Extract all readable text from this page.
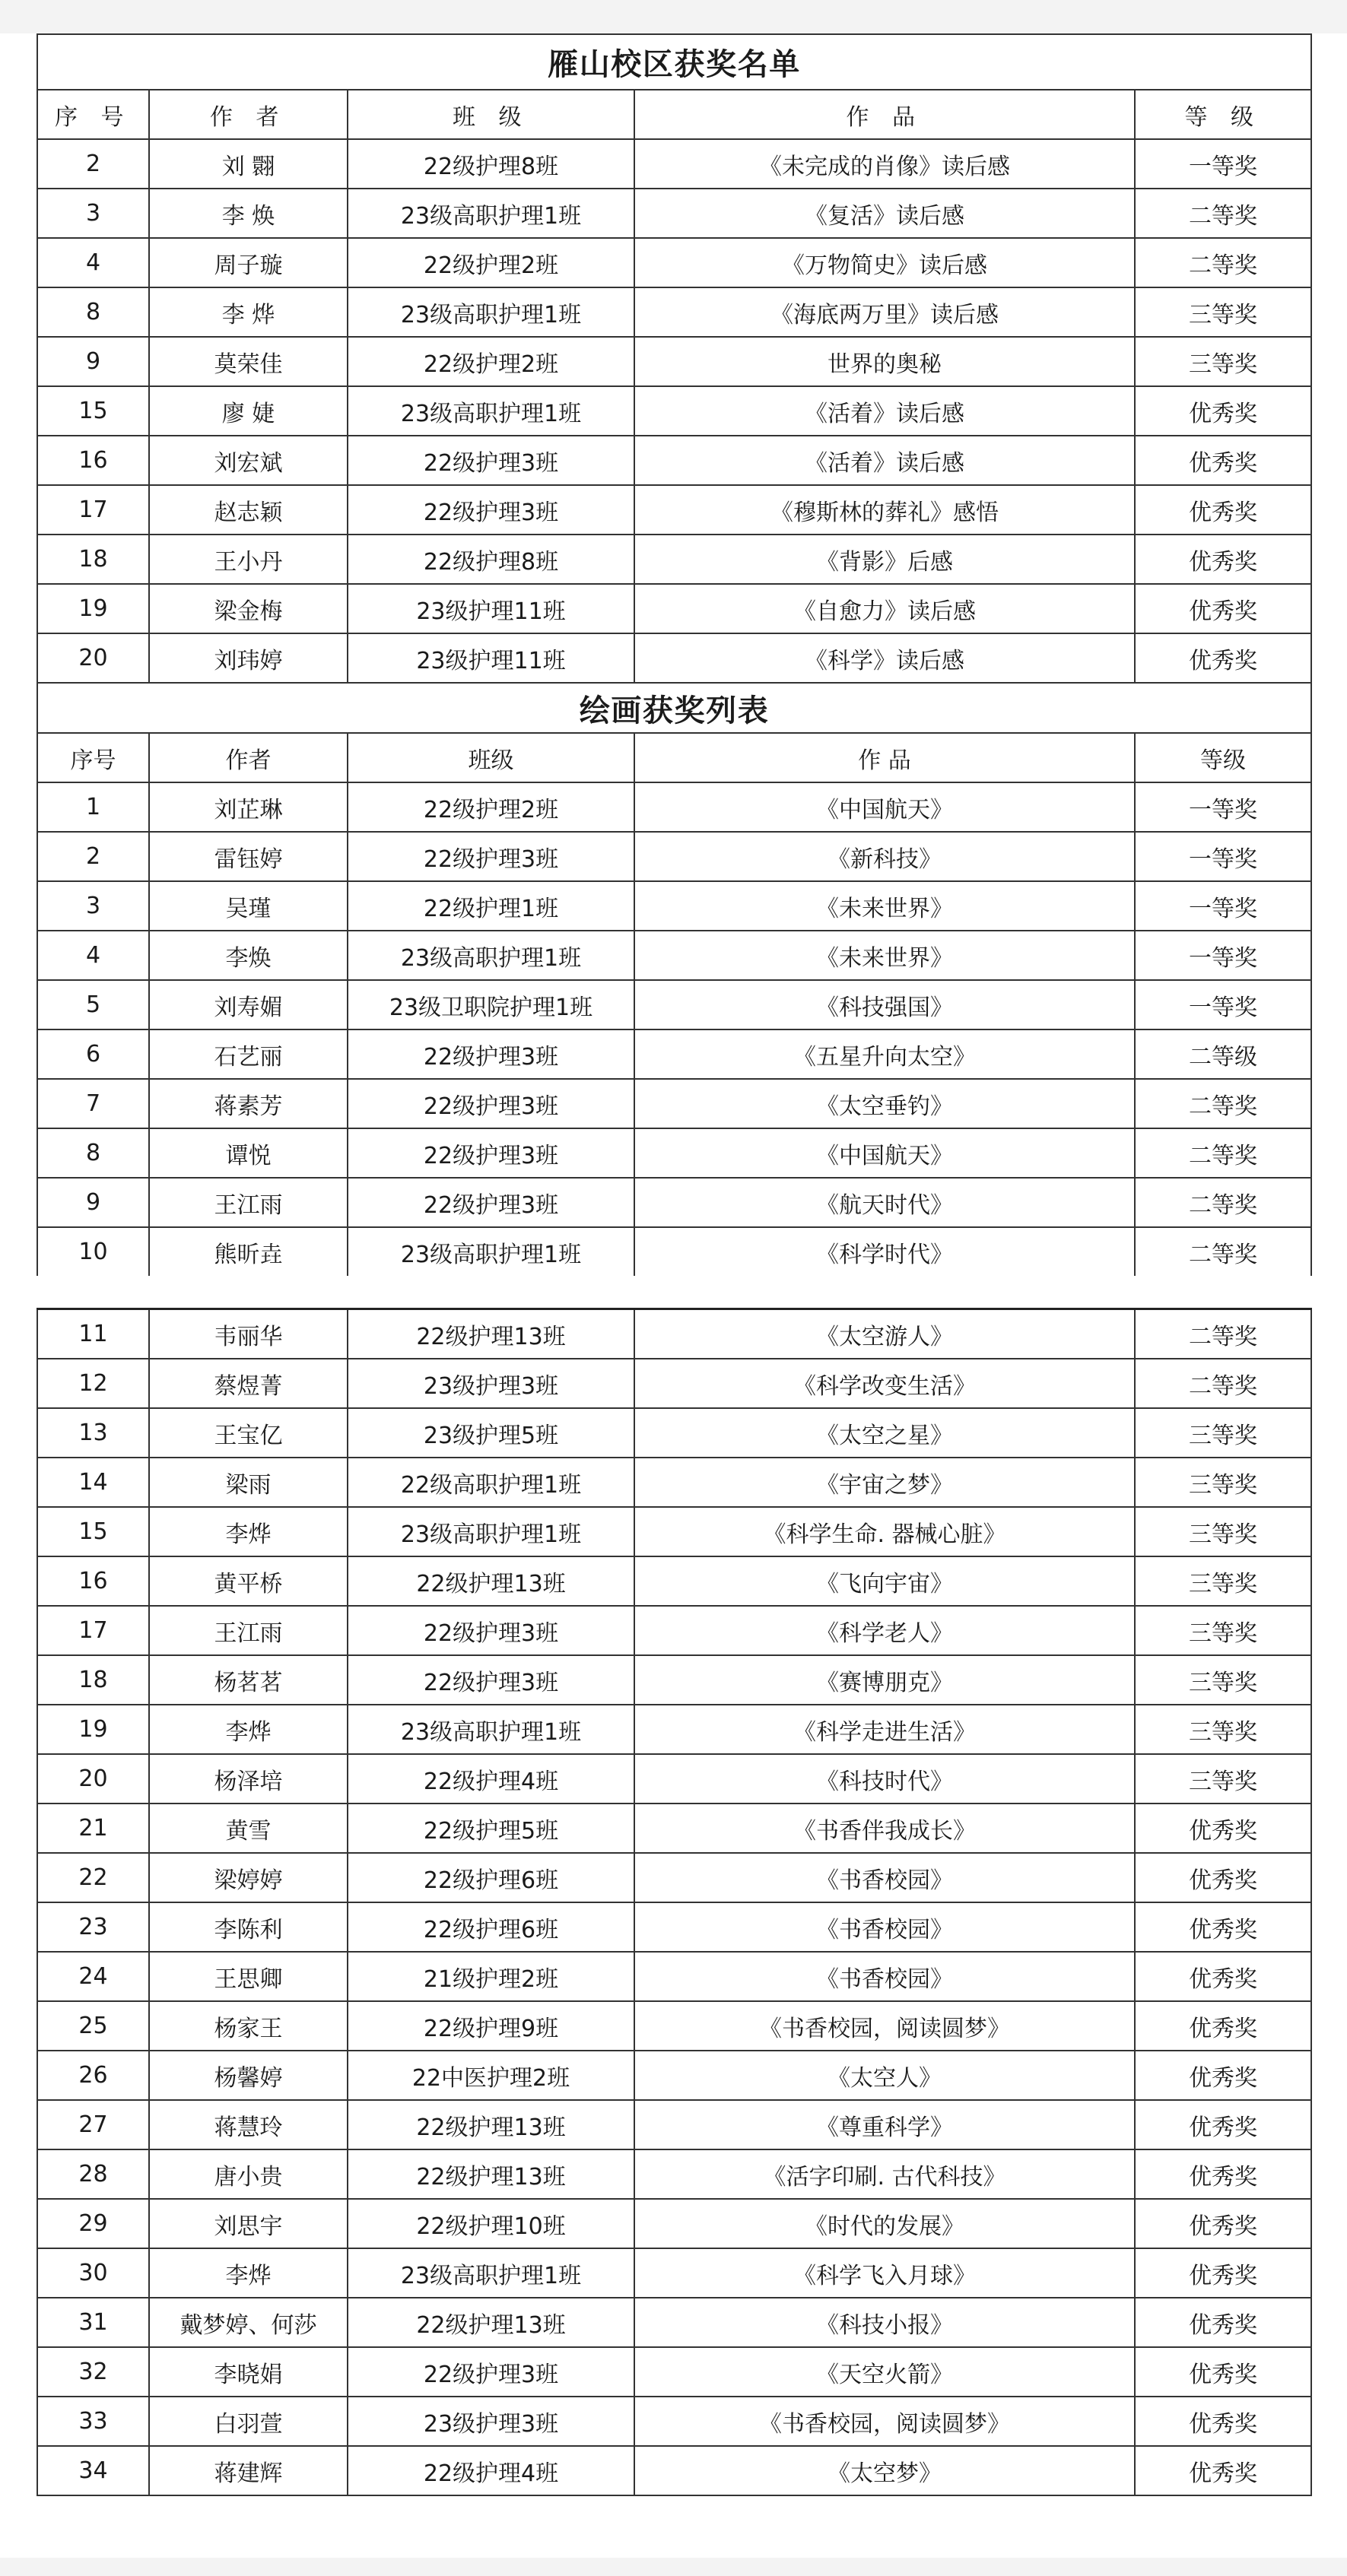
雁山校区获奖名单				
序 号	作 者	班 级	作 品	等 级
2	刘 翾	22级护理8班	《未完成的肖像》读后感	一等奖
3	李 焕	23级高职护理1班	《复活》读后感	二等奖
4	周子璇	22级护理2班	《万物简史》读后感	二等奖
8	李 烨	23级高职护理1班	《海底两万里》读后感	三等奖
9	莫荣佳	22级护理2班	世界的奥秘	三等奖
15	廖 婕	23级高职护理1班	《活着》读后感	优秀奖
16	刘宏斌	22级护理3班	《活着》读后感	优秀奖
17	赵志颖	22级护理3班	《穆斯林的葬礼》感悟	优秀奖
18	王小丹	22级护理8班	《背影》后感	优秀奖
19	梁金梅	23级护理11班	《自愈力》读后感	优秀奖
20	刘玮婷	23级护理11班	《科学》读后感	优秀奖
绘画获奖列表				
序号	作者	班级	作 品	等级
1	刘芷琳	22级护理2班	《中国航天》	一等奖
2	雷钰婷	22级护理3班	《新科技》	一等奖
3	吴瑾	22级护理1班	《未来世界》	一等奖
4	李焕	23级高职护理1班	《未来世界》	一等奖
5	刘寿媚	23级卫职院护理1班	《科技强国》	一等奖
6	石艺丽	22级护理3班	《五星升向太空》	二等级
7	蒋素芳	22级护理3班	《太空垂钓》	二等奖
8	谭悦	22级护理3班	《中国航天》	二等奖
9	王江雨	22级护理3班	《航天时代》	二等奖
10	熊昕垚	23级高职护理1班	《科学时代》	二等奖
11	韦丽华	22级护理13班	《太空游人》	二等奖
12	蔡煜菁	23级护理3班	《科学改变生活》	二等奖
13	王宝亿	23级护理5班	《太空之星》	三等奖
14	梁雨	22级高职护理1班	《宇宙之梦》	三等奖
15	李烨	23级高职护理1班	《科学生命. 器械心脏》	三等奖
16	黄平桥	22级护理13班	《飞向宇宙》	三等奖
17	王江雨	22级护理3班	《科学老人》	三等奖
18	杨茗茗	22级护理3班	《赛博朋克》	三等奖
19	李烨	23级高职护理1班	《科学走进生活》	三等奖
20	杨泽培	22级护理4班	《科技时代》	三等奖
21	黄雪	22级护理5班	《书香伴我成长》	优秀奖
22	梁婷婷	22级护理6班	《书香校园》	优秀奖
23	李陈利	22级护理6班	《书香校园》	优秀奖
24	王思卿	21级护理2班	《书香校园》	优秀奖
25	杨家王	22级护理9班	《书香校园，阅读圆梦》	优秀奖
26	杨馨婷	22中医护理2班	《太空人》	优秀奖
27	蒋慧玲	22级护理13班	《尊重科学》	优秀奖
28	唐小贵	22级护理13班	《活字印刷. 古代科技》	优秀奖
29	刘思宇	22级护理10班	《时代的发展》	优秀奖
30	李烨	23级高职护理1班	《科学飞入月球》	优秀奖
31	戴梦婷、何莎	22级护理13班	《科技小报》	优秀奖
32	李晓娟	22级护理3班	《天空火箭》	优秀奖
33	白羽萱	23级护理3班	《书香校园，阅读圆梦》	优秀奖
34	蒋建辉	22级护理4班	《太空梦》	优秀奖
